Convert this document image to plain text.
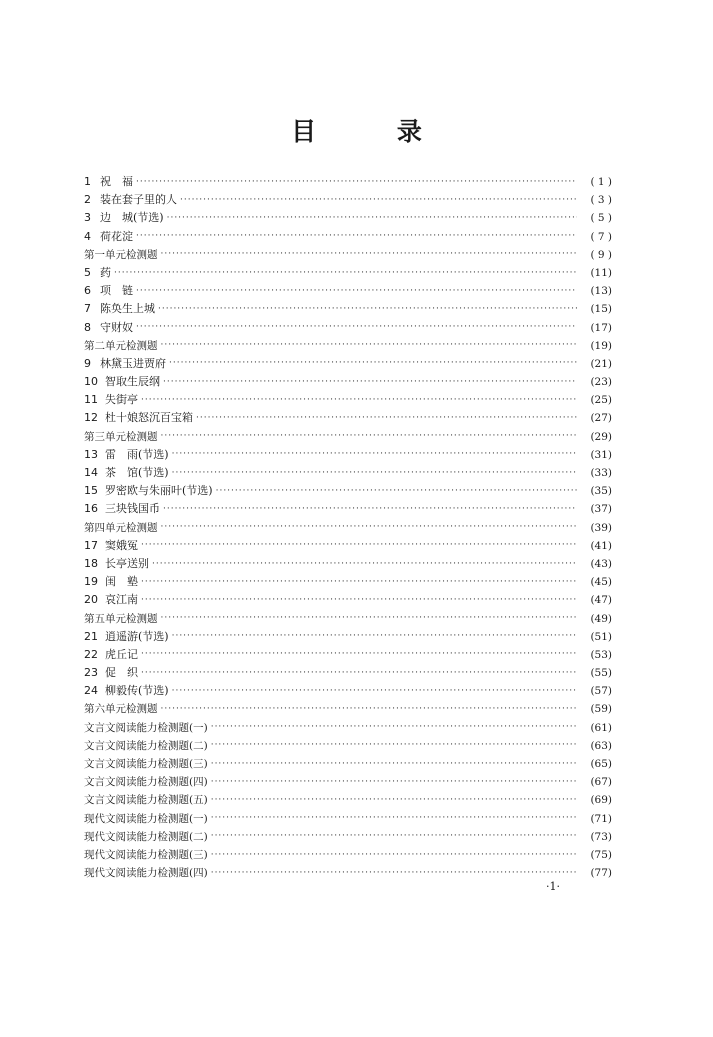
目 录
1 祝　福 ·····	( 1 )
2 装在套子里的人 ·····	( 3 )
3 边　城(节选) ·····	( 5 )
4 荷花淀 ·····	( 7 )
第一单元检测题 ·····	( 9 )
5 药 ·····	(11)
6 项　链 ·····	(13)
7 陈奂生上城 ·····	(15)
8 守财奴 ·····	(17)
第二单元检测题 ·····	(19)
9 林黛玉进贾府 ·····	(21)
10 智取生辰纲 ·····	(23)
11 失街亭 ·····	(25)
12 杜十娘怒沉百宝箱 ·····	(27)
第三单元检测题 ·····	(29)
13 雷　雨(节选) ·····	(31)
14 茶　馆(节选) ·····	(33)
15 罗密欧与朱丽叶(节选) ·····	(35)
16 三块钱国币 ·····	(37)
第四单元检测题 ·····	(39)
17 窦娥冤 ·····	(41)
18 长亭送别 ·····	(43)
19 闺　塾 ·····	(45)
20 哀江南 ·····	(47)
第五单元检测题 ·····	(49)
21 逍遥游(节选) ·····	(51)
22 虎丘记 ·····	(53)
23 促　织 ·····	(55)
24 柳毅传(节选) ·····	(57)
第六单元检测题 ·····	(59)
文言文阅读能力检测题(一) ·····	(61)
文言文阅读能力检测题(二) ·····	(63)
文言文阅读能力检测题(三) ·····	(65)
文言文阅读能力检测题(四) ·····	(67)
文言文阅读能力检测题(五) ·····	(69)
现代文阅读能力检测题(一) ·····	(71)
现代文阅读能力检测题(二) ·····	(73)
现代文阅读能力检测题(三) ·····	(75)
现代文阅读能力检测题(四) ·····	(77)
·1·
